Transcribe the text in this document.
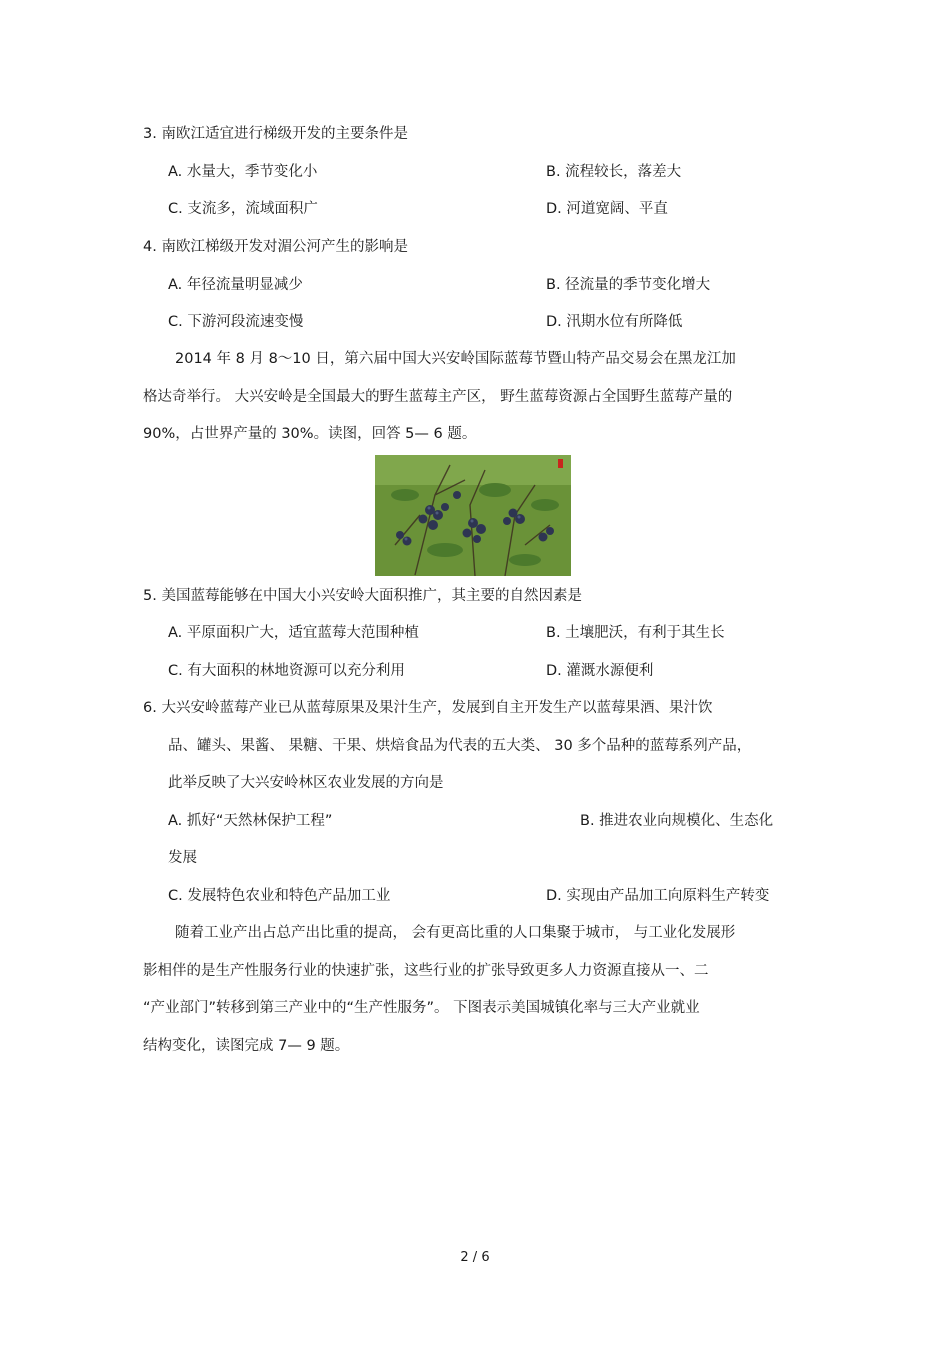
3. 南欧江适宜进行梯级开发的主要条件是
A. 水量大，季节变化小	B. 流程较长，落差大
C. 支流多，流域面积广	D. 河道宽阔、平直
4. 南欧江梯级开发对湄公河产生的影响是
A. 年径流量明显减少	B. 径流量的季节变化增大
C. 下游河段流速变慢	D. 汛期水位有所降低
2014 年 8 月 8～10 日，第六届中国大兴安岭国际蓝莓节暨山特产品交易会在黑龙江加
格达奇举行。 大兴安岭是全国最大的野生蓝莓主产区， 野生蓝莓资源占全国野生蓝莓产量的
90%，占世界产量的 30%。读图，回答 5— 6 题。
5. 美国蓝莓能够在中国大小兴安岭大面积推广，其主要的自然因素是
A. 平原面积广大，适宜蓝莓大范围种植	B. 土壤肥沃，有利于其生长
C. 有大面积的林地资源可以充分利用	D. 灌溉水源便利
6. 大兴安岭蓝莓产业已从蓝莓原果及果汁生产，发展到自主开发生产以蓝莓果酒、果汁饮
品、罐头、果酱、 果糖、干果、烘焙食品为代表的五大类、 30 多个品种的蓝莓系列产品，
此举反映了大兴安岭林区农业发展的方向是
A. 抓好“天然林保护工程”	B. 推进农业向规模化、生态化
发展
C. 发展特色农业和特色产品加工业	D. 实现由产品加工向原料生产转变
随着工业产出占总产出比重的提高， 会有更高比重的人口集聚于城市， 与工业化发展形
影相伴的是生产性服务行业的快速扩张，这些行业的扩张导致更多人力资源直接从一、二
“产业部门”转移到第三产业中的“生产性服务”。 下图表示美国城镇化率与三大产业就业
结构变化，读图完成 7— 9 题。
2 / 6
